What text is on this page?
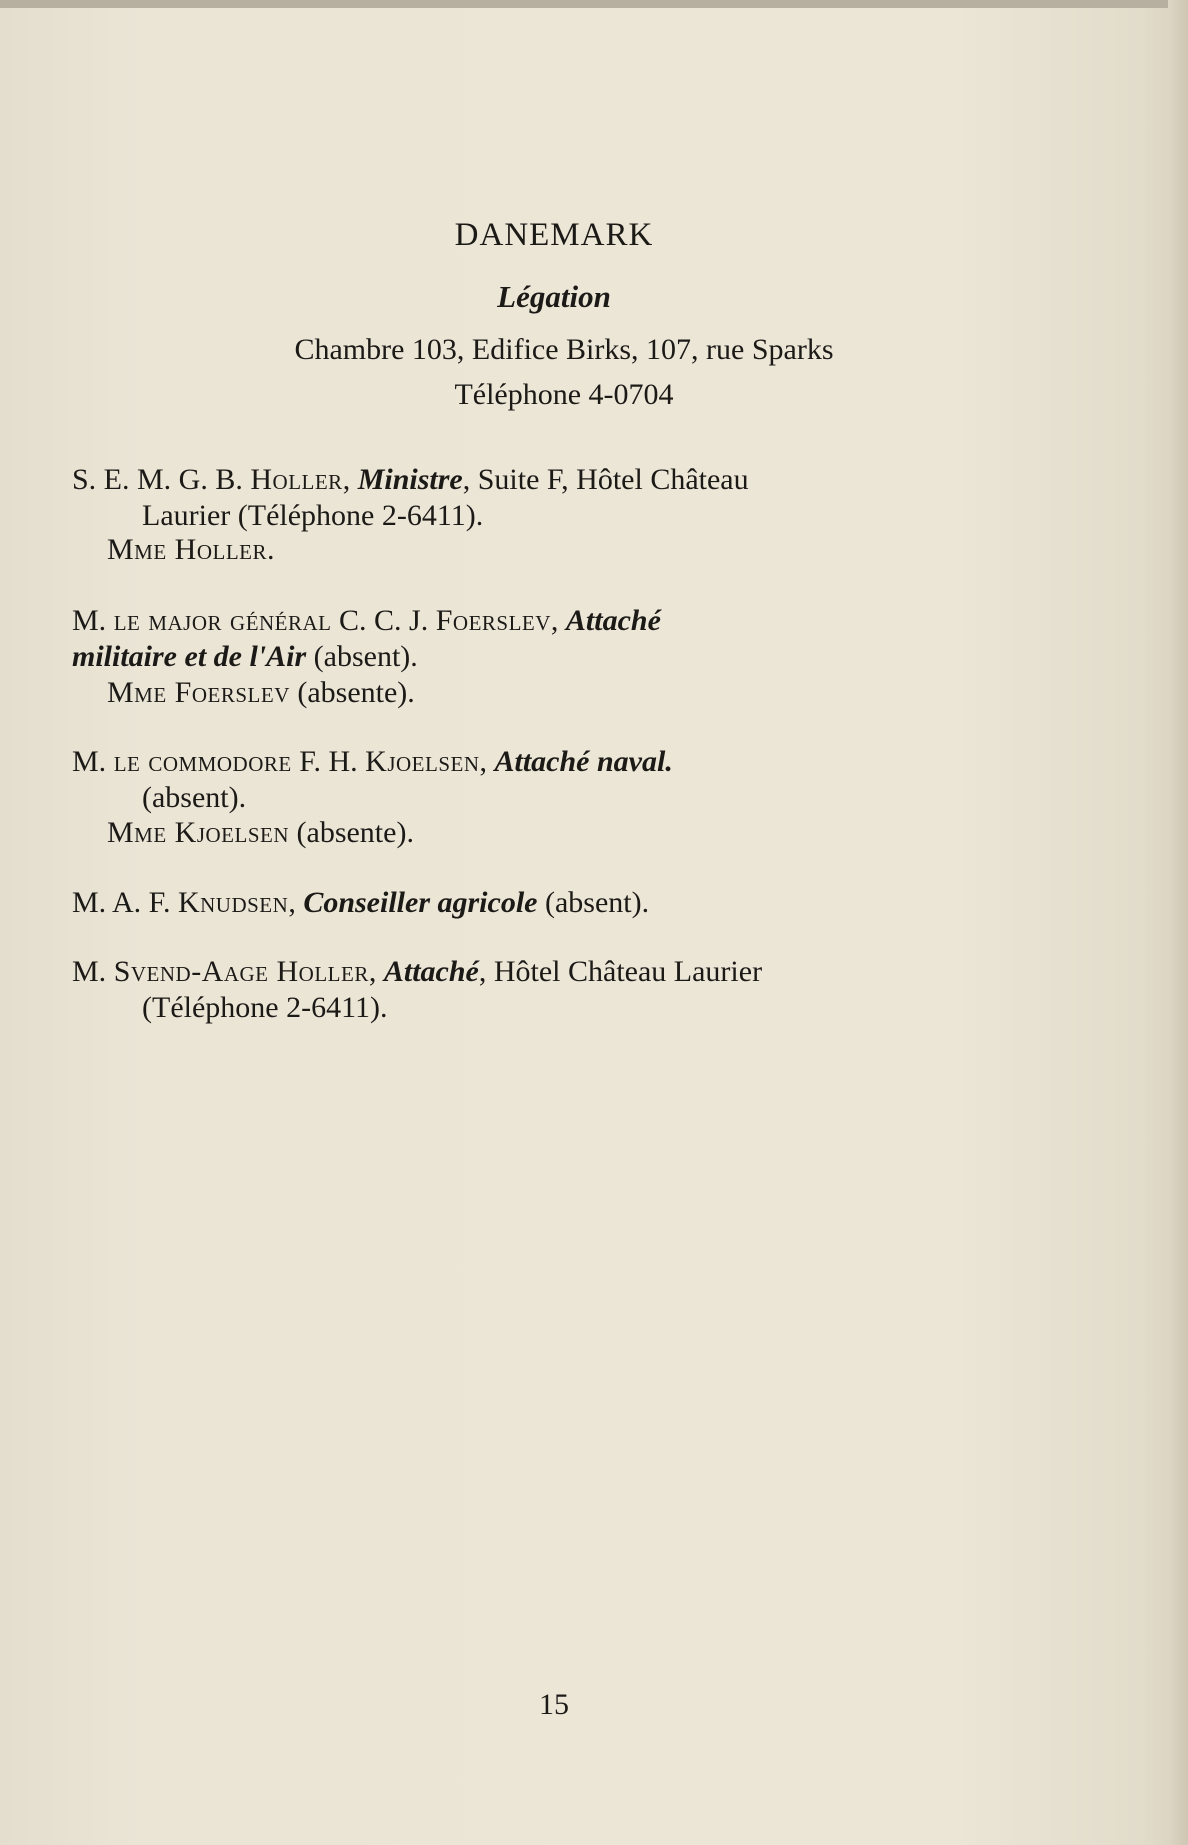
DANEMARK
Légation
Chambre 103, Edifice Birks, 107, rue Sparks
Téléphone 4-0704
S. E. M. G. B. Holler, Ministre, Suite F, Hôtel Château
Laurier (Téléphone 2-6411).
Mme Holler.
M. le major général C. C. J. Foerslev, Attaché
militaire et de l'Air (absent).
Mme Foerslev (absente).
M. le commodore F. H. Kjoelsen, Attaché naval.
(absent).
Mme Kjoelsen (absente).
M. A. F. Knudsen, Conseiller agricole (absent).
M. Svend-Aage Holler, Attaché, Hôtel Château Laurier
(Téléphone 2-6411).
15
